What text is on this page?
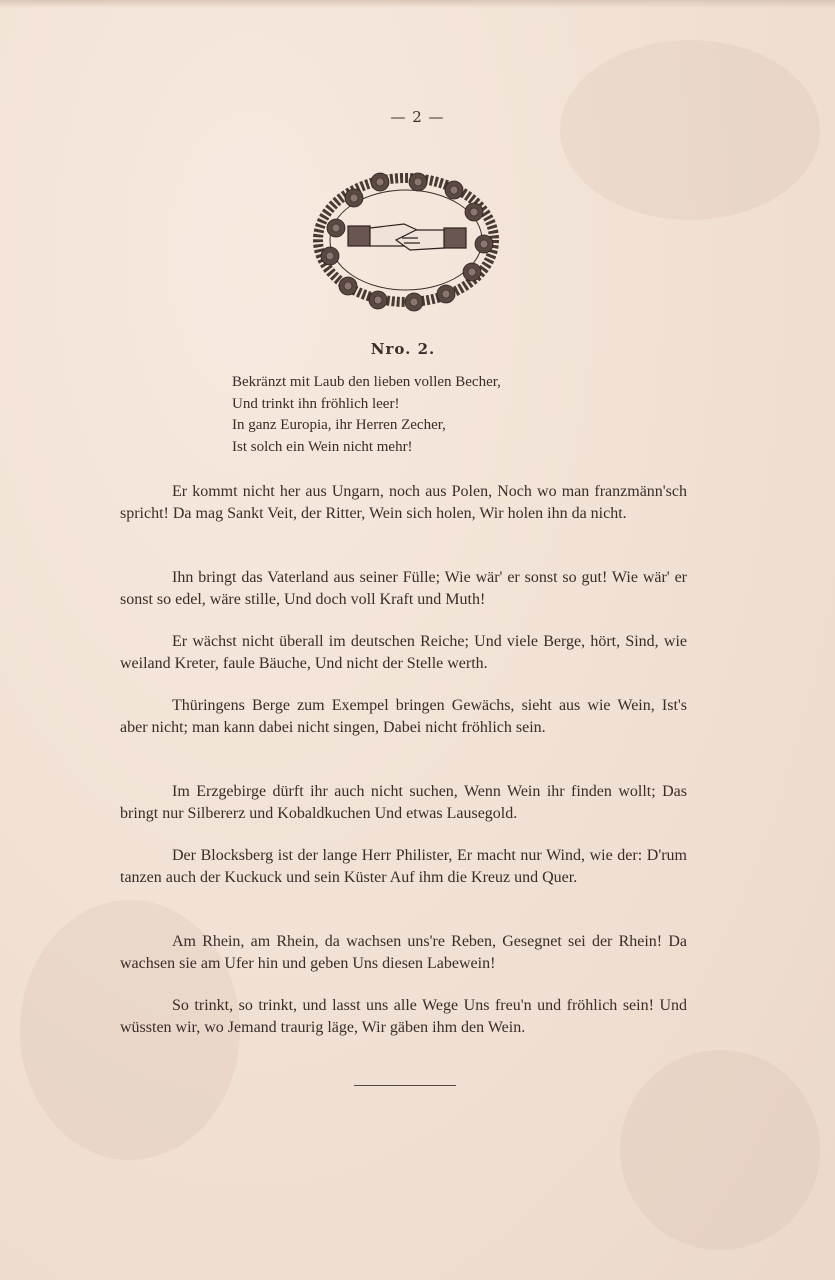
— 2 —
Nro. 2.
Bekränzt mit Laub den lieben vollen Becher,
Und trinkt ihn fröhlich leer!
In ganz Europia, ihr Herren Zecher,
Ist solch ein Wein nicht mehr!

Er kommt nicht her aus Ungarn, noch aus Polen, Noch wo man franzmänn'sch spricht! Da mag Sankt Veit, der Ritter, Wein sich holen, Wir holen ihn da nicht.

Ihn bringt das Vaterland aus seiner Fülle; Wie wär' er sonst so gut! Wie wär' er sonst so edel, wäre stille, Und doch voll Kraft und Muth!

Er wächst nicht überall im deutschen Reiche; Und viele Berge, hört, Sind, wie weiland Kreter, faule Bäuche, Und nicht der Stelle werth.

Thüringens Berge zum Exempel bringen Gewächs, sieht aus wie Wein, Ist's aber nicht; man kann dabei nicht singen, Dabei nicht fröhlich sein.

Im Erzgebirge dürft ihr auch nicht suchen, Wenn Wein ihr finden wollt; Das bringt nur Silbererz und Kobaldkuchen Und etwas Lausegold.

Der Blocksberg ist der lange Herr Philister, Er macht nur Wind, wie der: D'rum tanzen auch der Kuckuck und sein Küster Auf ihm die Kreuz und Quer.

Am Rhein, am Rhein, da wachsen uns're Reben, Gesegnet sei der Rhein! Da wachsen sie am Ufer hin und geben Uns diesen Labewein!

So trinkt, so trinkt, und lasst uns alle Wege Uns freu'n und fröhlich sein! Und wüssten wir, wo Jemand traurig läge, Wir gäben ihm den Wein.
